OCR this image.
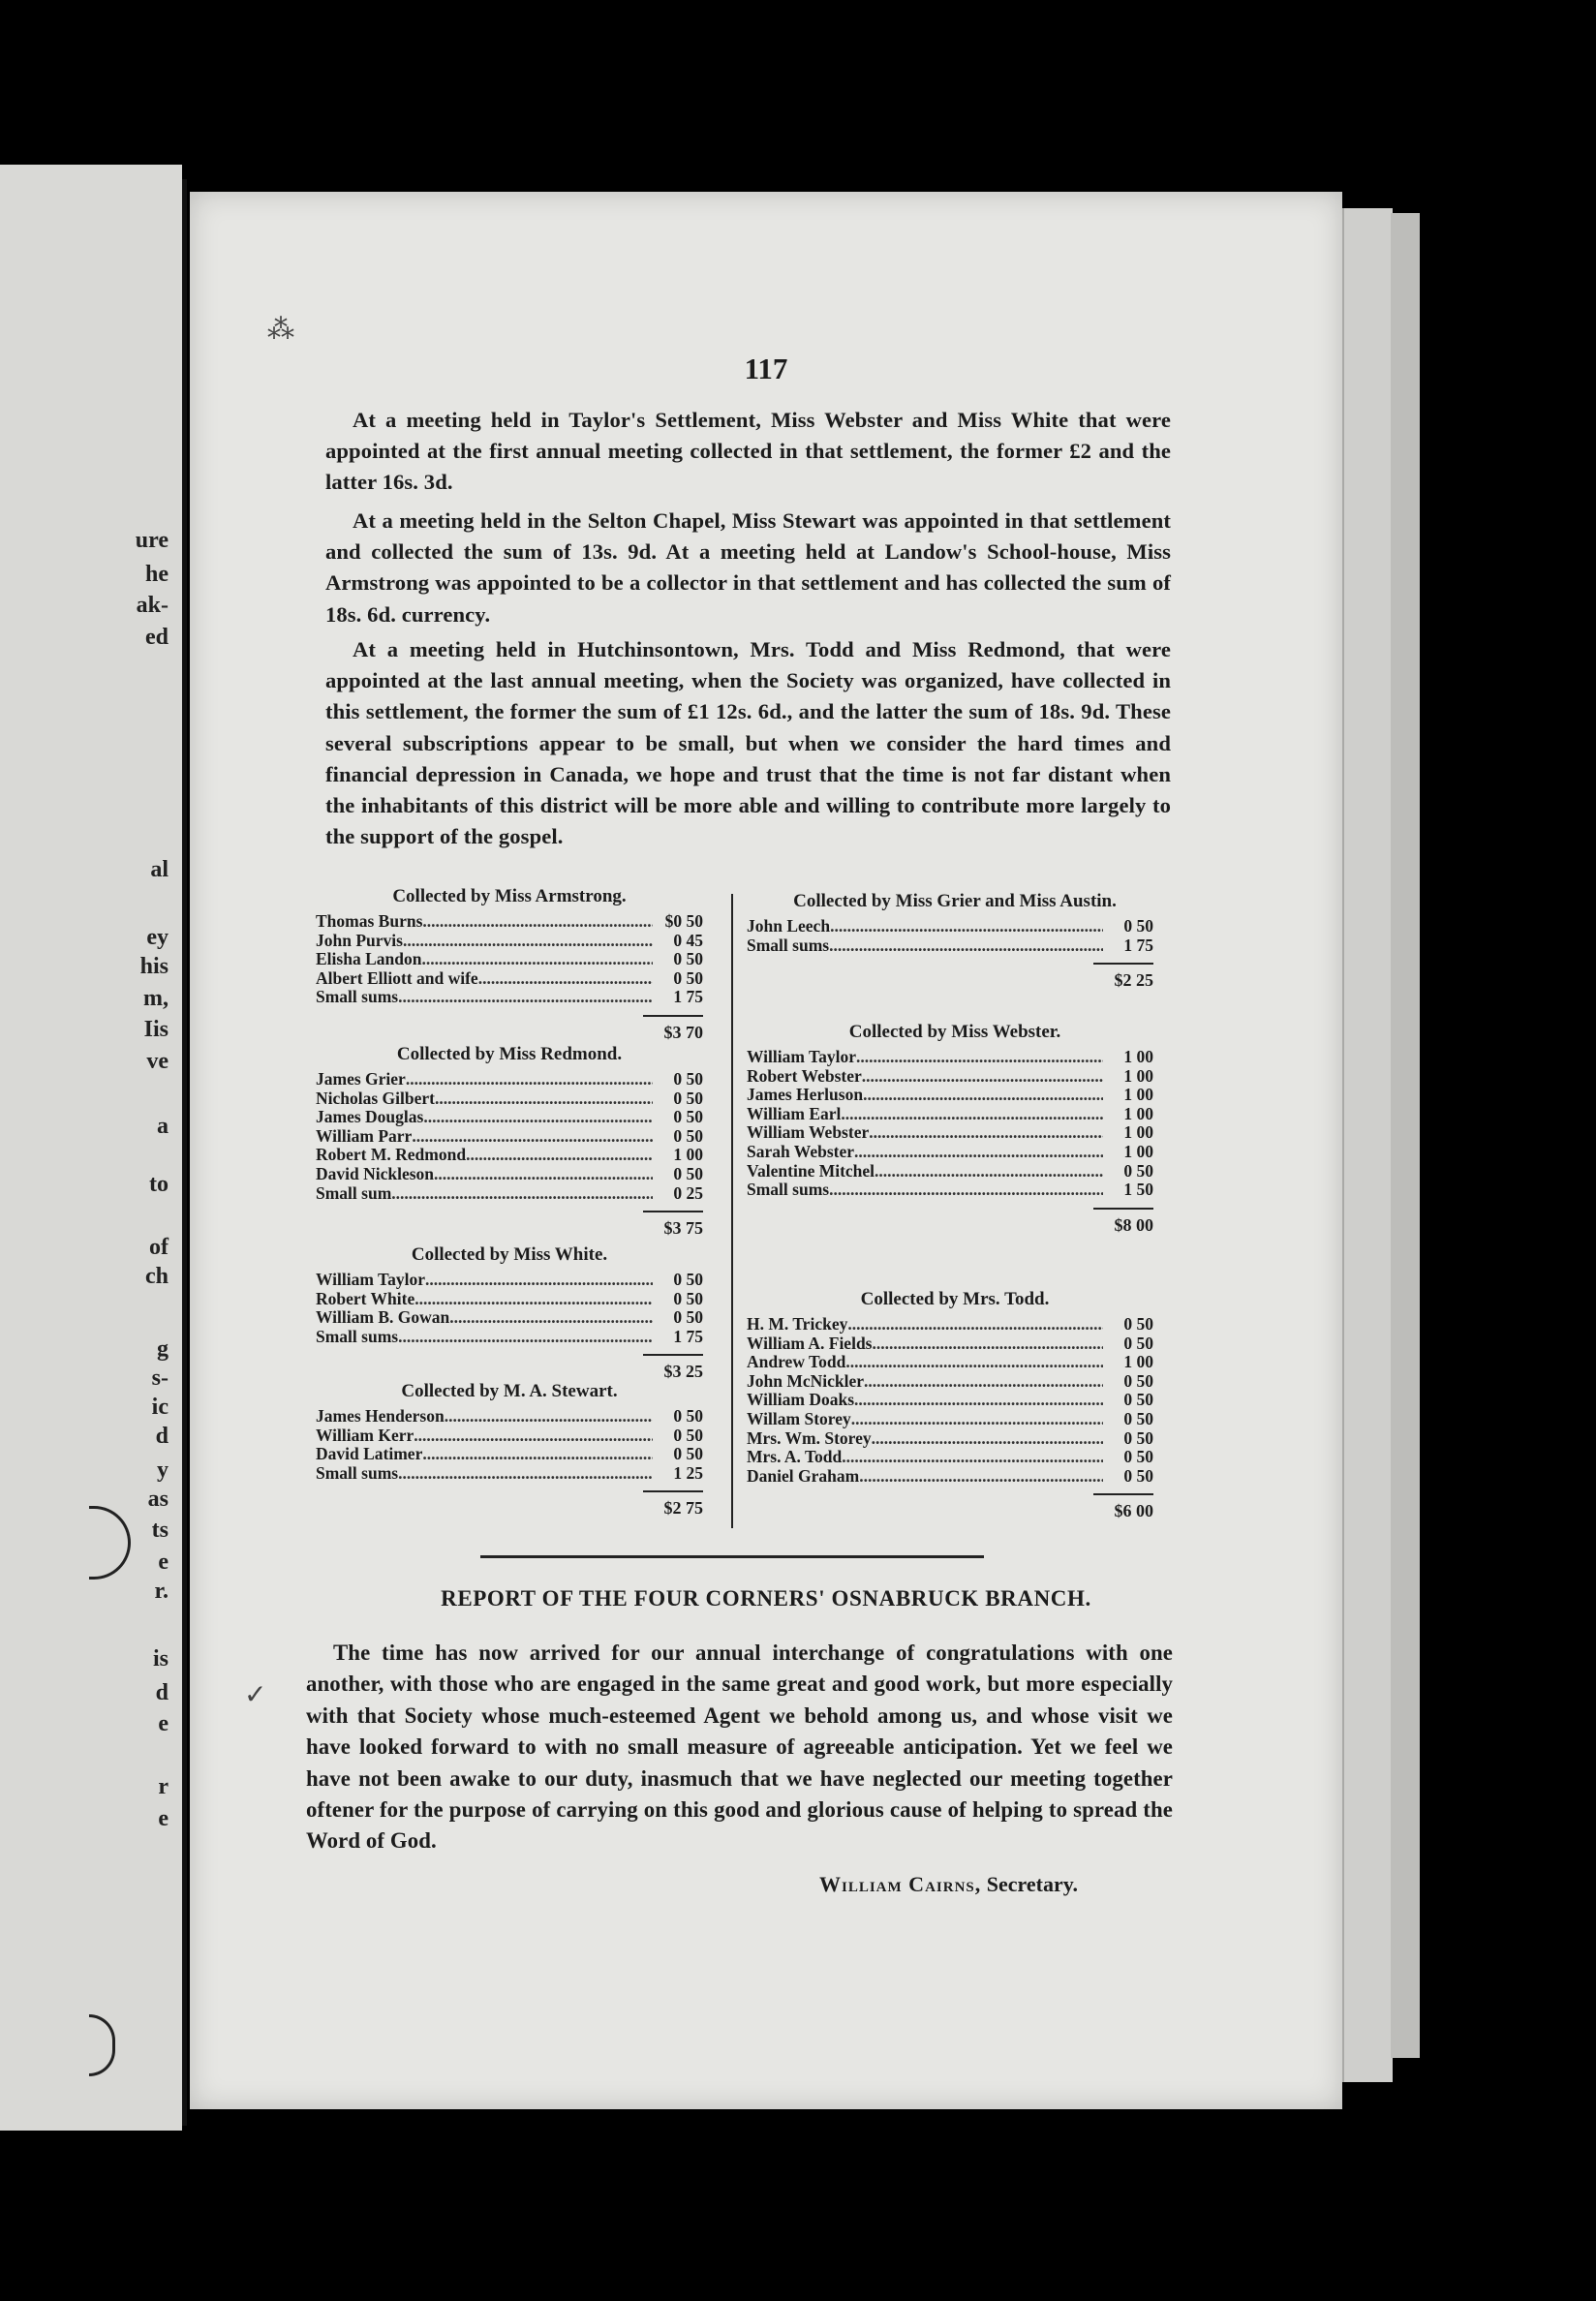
ure
he
ak-
ed
al
ey
his
m,
Iis
ve
a
to
of
ch
g
s-
ic
d
y
as
ts
e
r.
is
d
e
r
e
⁂
✓
117

At a meeting held in Taylor's Settlement, Miss Webster and Miss White that were appointed at the first annual meeting collected in that settlement, the former £2 and the latter 16s. 3d.

At a meeting held in the Selton Chapel, Miss Stewart was appointed in that settlement and collected the sum of 13s. 9d. At a meeting held at Landow's School-house, Miss Armstrong was appointed to be a collector in that settlement and has collected the sum of 18s. 6d. currency.

At a meeting held in Hutchinsontown, Mrs. Todd and Miss Redmond, that were appointed at the last annual meeting, when the Society was organized, have collected in this settlement, the former the sum of £1 12s. 6d., and the latter the sum of 18s. 9d. These several subscriptions appear to be small, but when we consider the hard times and financial depression in Canada, we hope and trust that the time is not far distant when the inhabitants of this district will be more able and willing to contribute more largely to the support of the gospel.

Collected by Miss Armstrong.
Thomas Burns .....	$0 50
John Purvis .....	0 45
Elisha Landon .....	0 50
Albert Elliott and wife .....	0 50
Small sums .....	1 75
$3 70
Collected by Miss Redmond.
James Grier .....	0 50
Nicholas Gilbert .....	0 50
James Douglas .....	0 50
William Parr .....	0 50
Robert M. Redmond .....	1 00
David Nickleson .....	0 50
Small sum .....	0 25
$3 75
Collected by Miss White.
William Taylor .....	0 50
Robert White .....	0 50
William B. Gowan .....	0 50
Small sums .....	1 75
$3 25
Collected by M. A. Stewart.
James Henderson .....	0 50
William Kerr .....	0 50
David Latimer .....	0 50
Small sums .....	1 25
$2 75
Collected by Miss Grier and Miss Austin.
John Leech .....	0 50
Small sums .....	1 75
$2 25
Collected by Miss Webster.
William Taylor .....	1 00
Robert Webster .....	1 00
James Herluson .....	1 00
William Earl .....	1 00
William Webster .....	1 00
Sarah Webster .....	1 00
Valentine Mitchel .....	0 50
Small sums .....	1 50
$8 00
Collected by Mrs. Todd.
H. M. Trickey .....	0 50
William A. Fields .....	0 50
Andrew Todd .....	1 00
John McNickler .....	0 50
William Doaks .....	0 50
Willam Storey .....	0 50
Mrs. Wm. Storey .....	0 50
Mrs. A. Todd .....	0 50
Daniel Graham .....	0 50
$6 00
REPORT OF THE FOUR CORNERS' OSNABRUCK BRANCH.

The time has now arrived for our annual interchange of congratulations with one another, with those who are engaged in the same great and good work, but more especially with that Society whose much-esteemed Agent we behold among us, and whose visit we have looked forward to with no small measure of agreeable anticipation. Yet we feel we have not been awake to our duty, inasmuch that we have neglected our meeting together oftener for the purpose of carrying on this good and glorious cause of helping to spread the Word of God.

William Cairns, Secretary.
